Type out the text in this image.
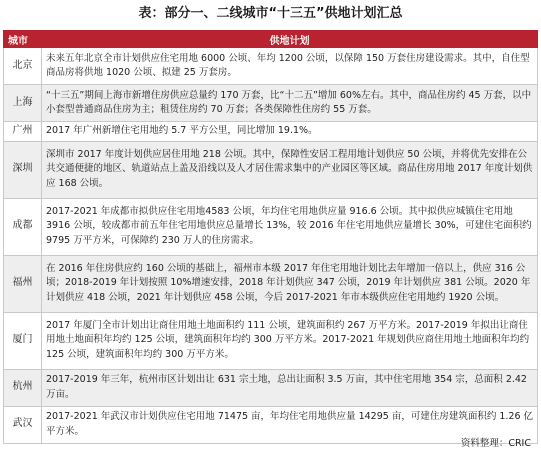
表：部分一、二线城市“十三五”供地计划汇总
城市	供地计划
北京	未来五年北京全市计划供应住宅用地 6000 公顷、年均 1200 公顷，以保障 150 万套住房建设需求。其中，自住型商品房将供地 1020 公顷、拟建 25 万套房。

上海	“十三五”期间上海市新增住房供应总量约 170 万套，比“十二五”增加 60%左右。其中，商品住房约 45 万套，以中小套型普通商品住房为主；租赁住房约 70 万套；各类保障性住房约 55 万套。

广州	2017 年广州新增住宅用地约 5.7 平方公里，同比增加 19.1%。

深圳	深圳市 2017 年度计划供应居住用地 218 公顷。其中，保障性安居工程用地计划供应 50 公顷，并将优先安排在公共交通便捷的地区、轨道站点上盖及沿线以及人才居住需求集中的产业园区等区域。商品住房用地 2017 年度计划供应 168 公顷。

成都	2017-2021 年成都市拟供应住宅用地4583 公顷，年均住宅用地供应量 916.6 公顷。其中拟供应城镇住宅用地 3916 公顷，较成都市前五年住宅用地供应总量增长 13%，较 2016 年住宅用地供应量增长 30%，可建住宅面积约 9795 万平方米，可保障约 230 万人的住房需求。

福州	在 2016 年住房供应约 160 公顷的基础上，福州市本级 2017 年住宅用地计划比去年增加一倍以上，供应 316 公顷；2018-2019 年计划按照 10%增速安排，2018 年计划供应 347 公顷，2019 年计划供应 381 公顷。2020 年计划供应 418 公顷，2021 年计划供应 458 公顷，今后 2017-2021 年市本级供应住宅用地约 1920 公顷。

厦门	2017 年厦门全市计划出让商住用地土地面积约 111 公顷，建筑面积约 267 万平方米。2017-2019 年拟出让商住用地土地面积年均约 125 公顷，建筑面积年均约 300 万平方米。2017-2021 年规划供应商住用地土地面积年均约 125 公顷，建筑面积年均约 300 万平方米。

杭州	2017-2019 年三年，杭州市区计划出让 631 宗土地，总出让面积 3.5 万亩，其中住宅用地 354 宗，总面积 2.42 万亩。

武汉	2017-2021 年武汉市计划供应住宅用地 71475 亩，年均住宅用地供应量 14295 亩，可建住房建筑面积约 1.26 亿平方米。
资料整理：CRIC
